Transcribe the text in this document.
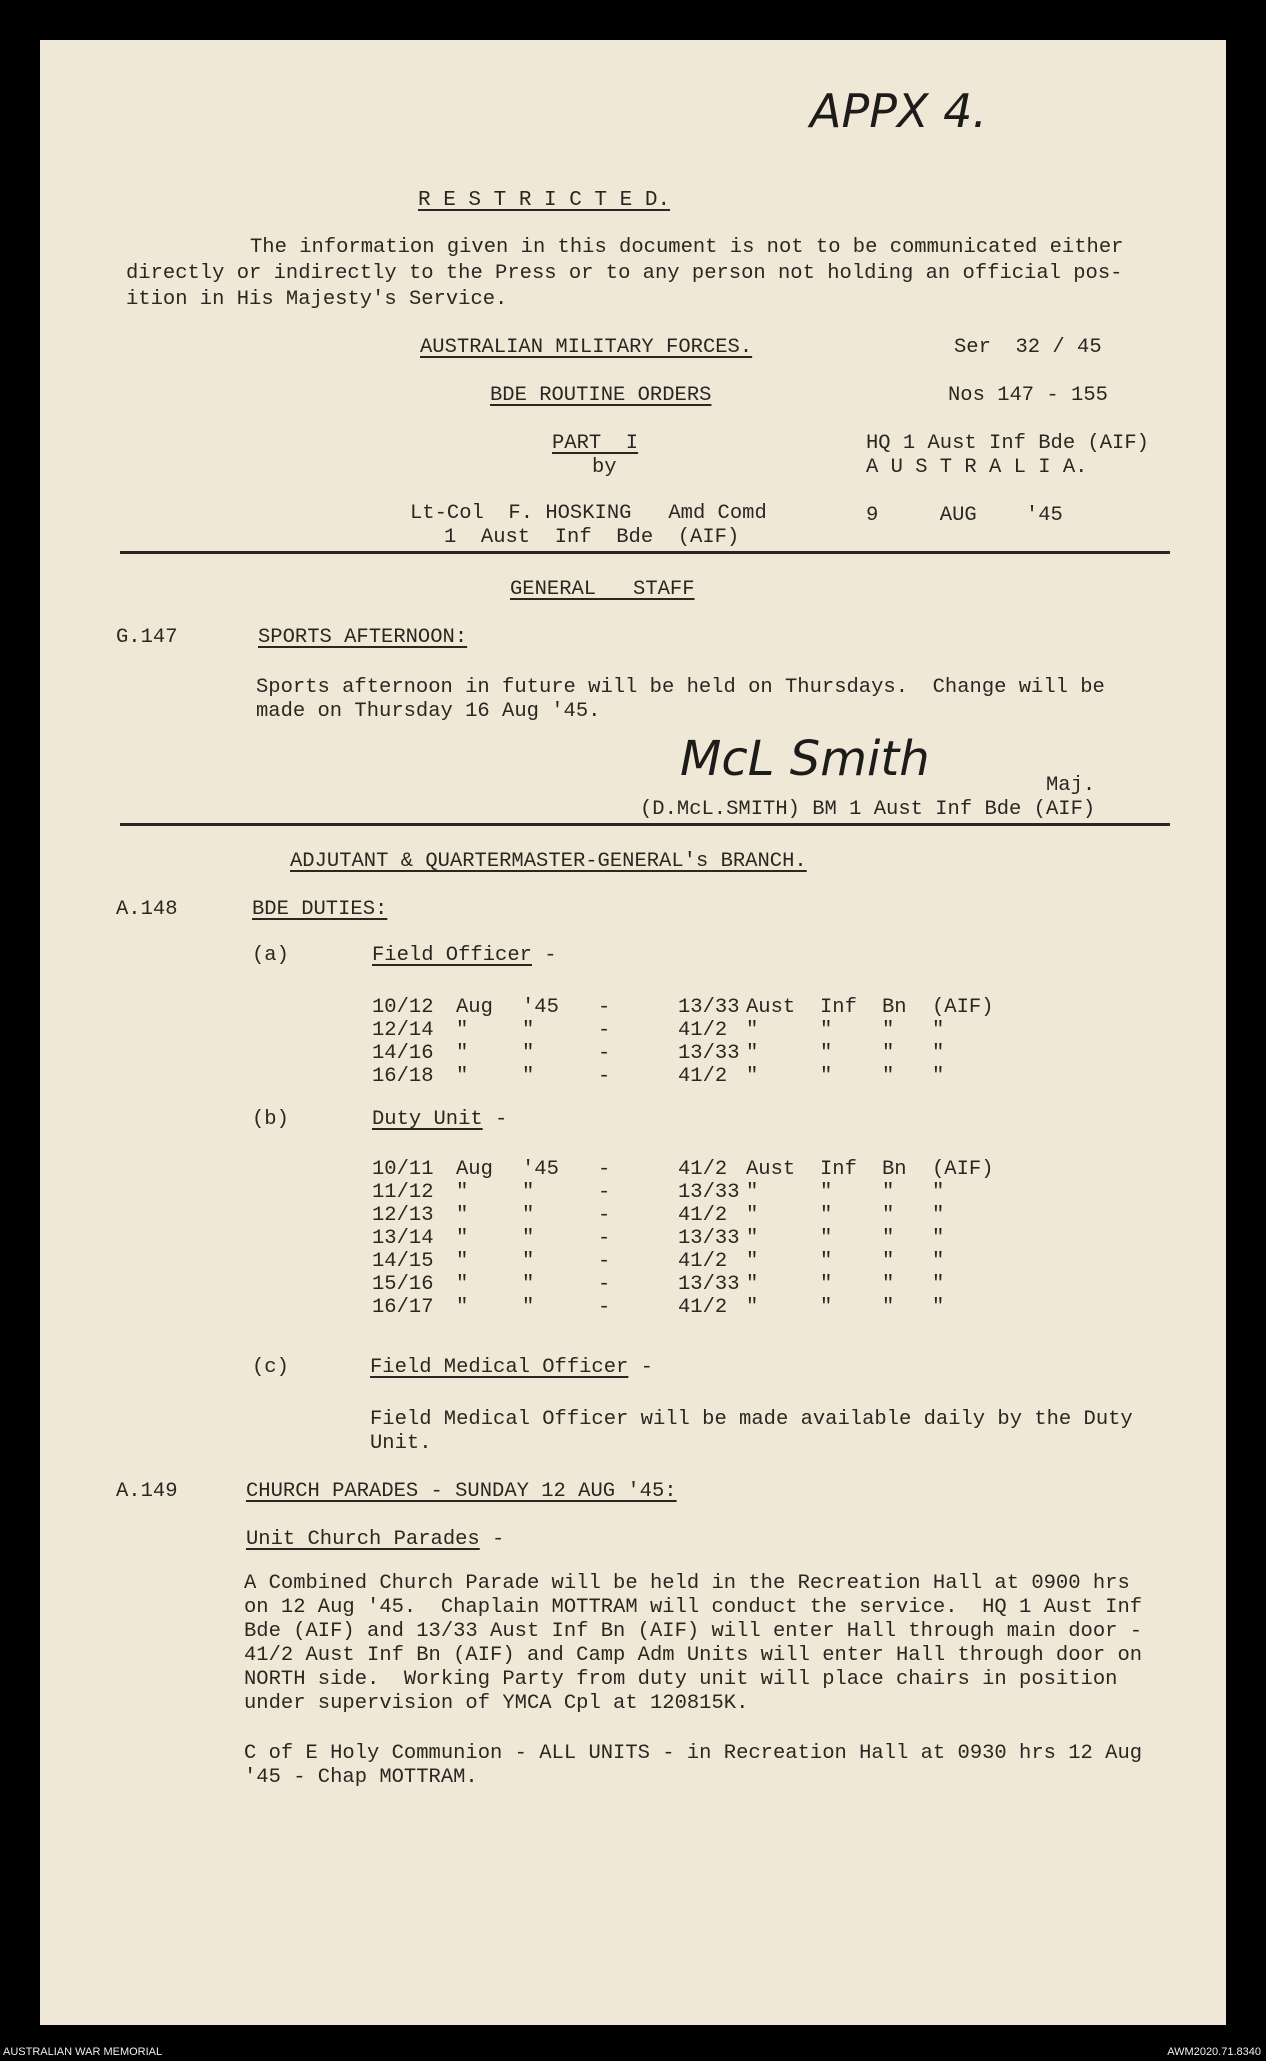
APPX 4.
R E S T R I C T E D.
The information given in this document is not to be communicated either
directly or indirectly to the Press or to any person not holding an official pos-
ition in His Majesty's Service.
AUSTRALIAN MILITARY FORCES.	Ser  32 / 45
BDE ROUTINE ORDERS	Nos 147 - 155
PART  I	HQ 1 Aust Inf Bde (AIF)
by	A U S T R A L I A.
Lt-Col  F. HOSKING   Amd Comd	9     AUG    '45
1  Aust  Inf  Bde  (AIF)
GENERAL   STAFF
G.147	SPORTS AFTERNOON:
Sports afternoon in future will be held on Thursdays.  Change will be
made on Thursday 16 Aug '45.
McL Smith	Maj.
(D.McL.SMITH) BM 1 Aust Inf Bde (AIF)
ADJUTANT & QUARTERMASTER-GENERAL's BRANCH.
A.148	BDE DUTIES:
(a)	Field Officer -
10/12 Aug '45 -	13/33 Aust Inf Bn (AIF)
12/14 "	"	-	41/2 "	" " "
14/16 "	"	-	13/33 "	" " "
16/18 "	"	-	41/2 "	" " "
(b)	Duty Unit -
10/11 Aug '45 -	41/2 Aust Inf Bn (AIF)
11/12 "	"	-	13/33 "	" " "
12/13 "	"	-	41/2 "	" " "
13/14 "	"	-	13/33 "	" " "
14/15 "	"	-	41/2 "	" " "
15/16 "	"	-	13/33 "	" " "
16/17 "	"	-	41/2 "	" " "
(c)	Field Medical Officer -
Field Medical Officer will be made available daily by the Duty
Unit.
A.149	CHURCH PARADES - SUNDAY 12 AUG '45:
Unit Church Parades -
A Combined Church Parade will be held in the Recreation Hall at 0900 hrs
on 12 Aug '45.  Chaplain MOTTRAM will conduct the service.  HQ 1 Aust Inf
Bde (AIF) and 13/33 Aust Inf Bn (AIF) will enter Hall through main door -
41/2 Aust Inf Bn (AIF) and Camp Adm Units will enter Hall through door on
NORTH side.  Working Party from duty unit will place chairs in position
under supervision of YMCA Cpl at 120815K.
C of E Holy Communion - ALL UNITS - in Recreation Hall at 0930 hrs 12 Aug
'45 - Chap MOTTRAM.
AUSTRALIAN WAR MEMORIAL	AWM2020.71.8340
